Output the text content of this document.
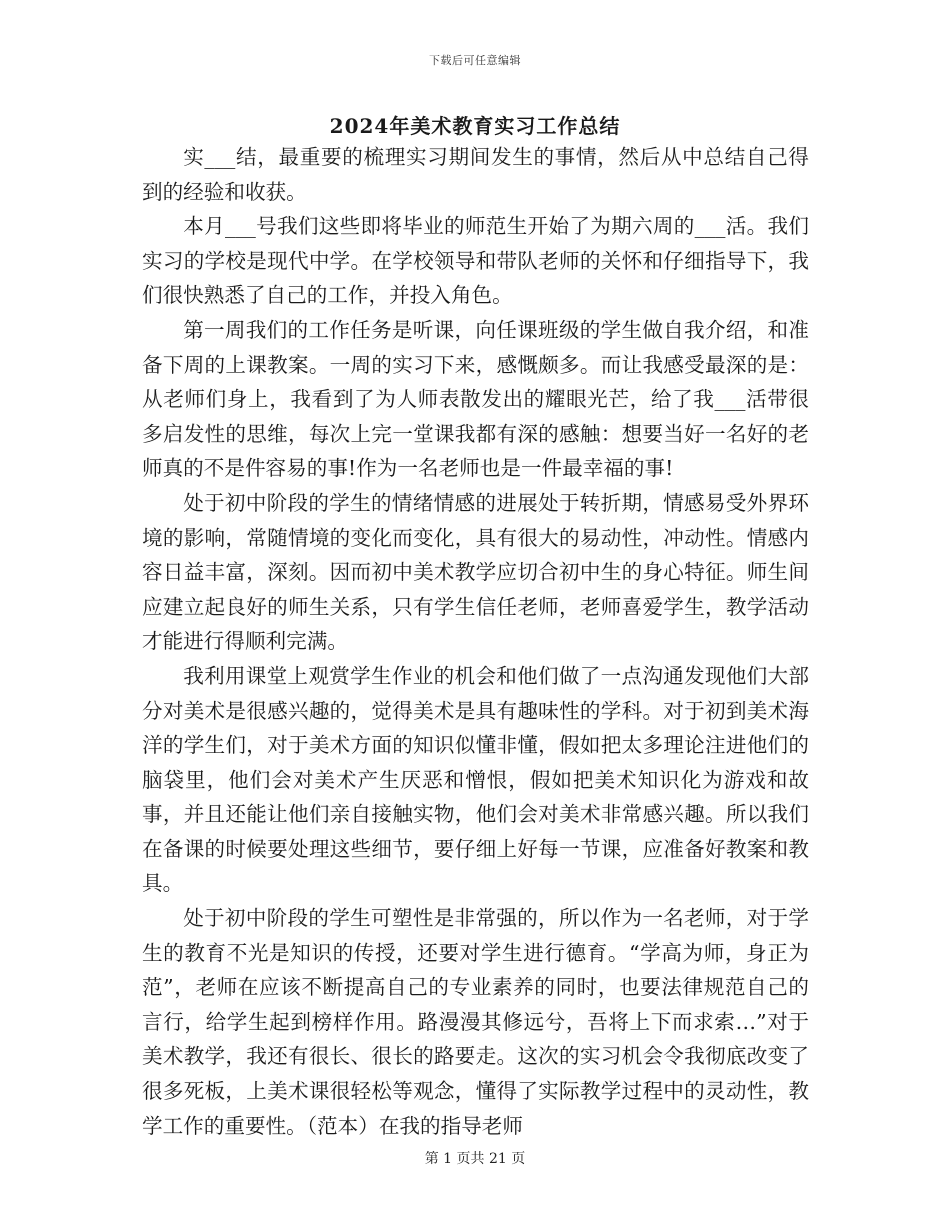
下载后可任意编辑
2024年美术教育实习工作总结

实___结，最重要的梳理实习期间发生的事情，然后从中总结自己得到的经验和收获。

本月___号我们这些即将毕业的师范生开始了为期六周的___活。我们实习的学校是现代中学。在学校领导和带队老师的关怀和仔细指导下，我们很快熟悉了自己的工作，并投入角色。

第一周我们的工作任务是听课，向任课班级的学生做自我介绍，和准备下周的上课教案。一周的实习下来，感慨颇多。而让我感受最深的是：从老师们身上，我看到了为人师表散发出的耀眼光芒，给了我___活带很多启发性的思维，每次上完一堂课我都有深的感触：想要当好一名好的老师真的不是件容易的事!作为一名老师也是一件最幸福的事!

处于初中阶段的学生的情绪情感的进展处于转折期，情感易受外界环境的影响，常随情境的变化而变化，具有很大的易动性，冲动性。情感内容日益丰富，深刻。因而初中美术教学应切合初中生的身心特征。师生间应建立起良好的师生关系，只有学生信任老师，老师喜爱学生，教学活动才能进行得顺利完满。

我利用课堂上观赏学生作业的机会和他们做了一点沟通发现他们大部分对美术是很感兴趣的，觉得美术是具有趣味性的学科。对于初到美术海洋的学生们，对于美术方面的知识似懂非懂，假如把太多理论注进他们的脑袋里，他们会对美术产生厌恶和憎恨，假如把美术知识化为游戏和故事，并且还能让他们亲自接触实物，他们会对美术非常感兴趣。所以我们在备课的时候要处理这些细节，要仔细上好每一节课，应准备好教案和教具。

处于初中阶段的学生可塑性是非常强的，所以作为一名老师，对于学生的教育不光是知识的传授，还要对学生进行德育。“学高为师，身正为范”，老师在应该不断提高自己的专业素养的同时，也要法律规范自己的言行，给学生起到榜样作用。路漫漫其修远兮，吾将上下而求索…”对于美术教学，我还有很长、很长的路要走。这次的实习机会令我彻底改变了很多死板，上美术课很轻松等观念，懂得了实际教学过程中的灵动性，教学工作的重要性。（范本）在我的指导老师

第 1 页共 21 页
